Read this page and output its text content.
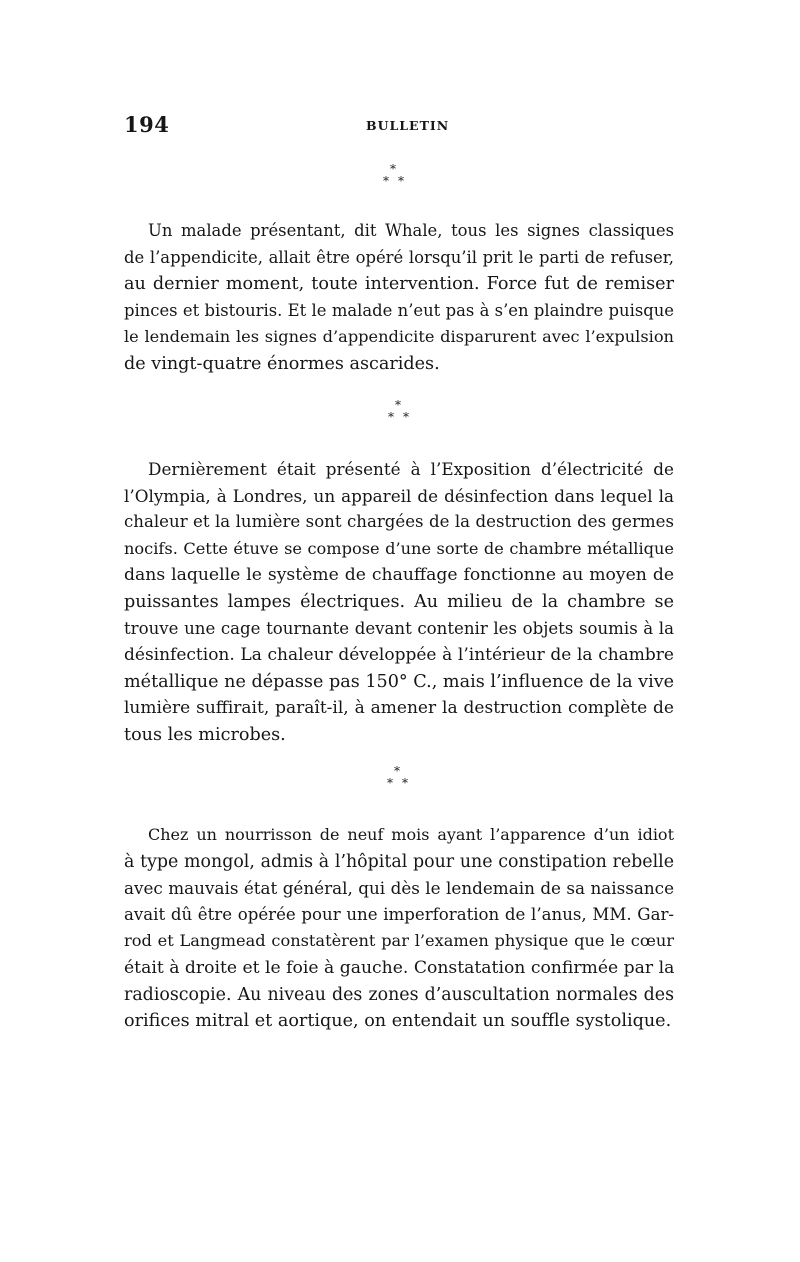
194	BULLETIN
*
* *

Un malade présentant, dit Whale, tous les signes classiques
de l’appendicite, allait être opéré lorsqu’il prit le parti de refuser,
au dernier moment, toute intervention. Force fut de remiser
pinces et bistouris. Et le malade n’eut pas à s’en plaindre puisque
le lendemain les signes d’appendicite disparurent avec l’expulsion
de vingt-quatre énormes ascarides.

*
* *

Dernièrement était présenté à l’Exposition d’électricité de
l’Olympia, à Londres, un appareil de désinfection dans lequel la
chaleur et la lumière sont chargées de la destruction des germes
nocifs. Cette étuve se compose d’une sorte de chambre métallique
dans laquelle le système de chauffage fonctionne au moyen de
puissantes lampes électriques. Au milieu de la chambre se
trouve une cage tournante devant contenir les objets soumis à la
désinfection. La chaleur développée à l’intérieur de la chambre
métallique ne dépasse pas 150° C., mais l’influence de la vive
lumière suffirait, paraît-il, à amener la destruction complète de
tous les microbes.

*
* *

Chez un nourrisson de neuf mois ayant l’apparence d’un idiot
à type mongol, admis à l’hôpital pour une constipation rebelle
avec mauvais état général, qui dès le lendemain de sa naissance
avait dû être opérée pour une imperforation de l’anus, MM. Gar-
rod et Langmead constatèrent par l’examen physique que le cœur
était à droite et le foie à gauche. Constatation confirmée par la
radioscopie. Au niveau des zones d’auscultation normales des
orifices mitral et aortique, on entendait un souffle systolique.
